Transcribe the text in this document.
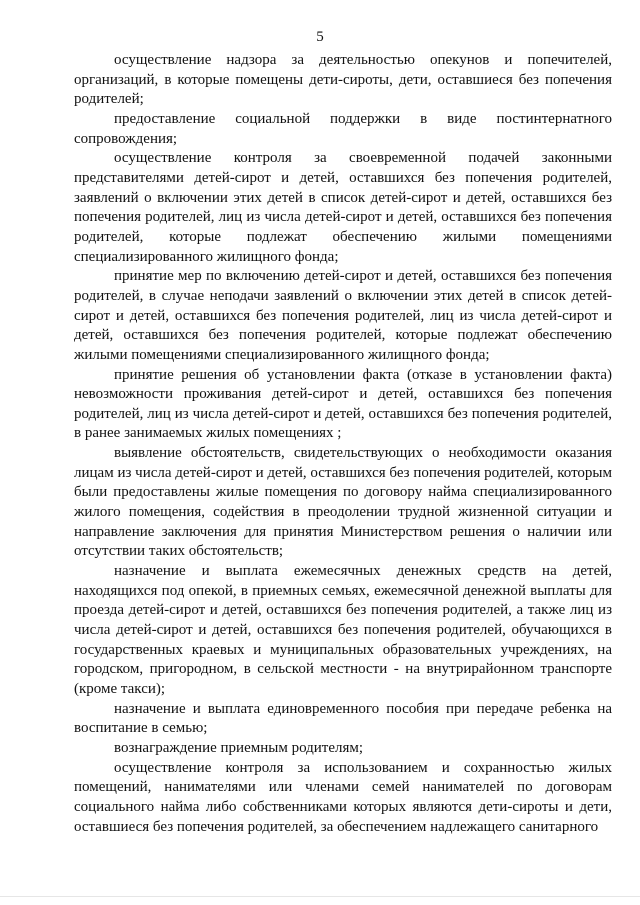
5

осуществление надзора за деятельностью опекунов и попечителей, организаций, в которые помещены дети-сироты, дети, оставшиеся без попечения родителей;

предоставление социальной поддержки в виде постинтернатного сопровождения;

осуществление контроля за своевременной подачей законными представителями детей-сирот и детей, оставшихся без попечения родителей, заявлений о включении этих детей в список детей-сирот и детей, оставшихся без попечения родителей, лиц из числа детей-сирот и детей, оставшихся без попечения родителей, которые подлежат обеспечению жилыми помещениями специализированного жилищного фонда;

принятие мер по включению детей-сирот и детей, оставшихся без попечения родителей, в случае неподачи заявлений о включении этих детей в список детей-сирот и детей, оставшихся без попечения родителей, лиц из числа детей-сирот и детей, оставшихся без попечения родителей, которые подлежат обеспечению жилыми помещениями специализированного жилищного фонда;

принятие решения об установлении факта (отказе в установлении факта) невозможности проживания детей-сирот и детей, оставшихся без попечения родителей, лиц из числа детей-сирот и детей, оставшихся без попечения родителей, в ранее занимаемых жилых помещениях ;

выявление обстоятельств, свидетельствующих о необходимости оказания лицам из числа детей-сирот и детей, оставшихся без попечения родителей, которым были предоставлены жилые помещения по договору найма специализированного жилого помещения, содействия в преодолении трудной жизненной ситуации и направление заключения для принятия Министерством решения о наличии или отсутствии таких обстоятельств;

назначение и выплата ежемесячных денежных средств на детей, находящихся под опекой, в приемных семьях, ежемесячной денежной выплаты для проезда детей-сирот и детей, оставшихся без попечения родителей, а также лиц из числа детей-сирот и детей, оставшихся без попечения родителей, обучающихся в государственных краевых и муниципальных образовательных учреждениях, на городском, пригородном, в сельской местности - на внутрирайонном транспорте (кроме такси);

назначение и выплата единовременного пособия при передаче ребенка на воспитание в семью;

вознаграждение приемным родителям;

осуществление контроля за использованием и сохранностью жилых помещений, нанимателями или членами семей нанимателей по договорам социального найма либо собственниками которых являются дети-сироты и дети, оставшиеся без попечения родителей, за обеспечением надлежащего санитарного
